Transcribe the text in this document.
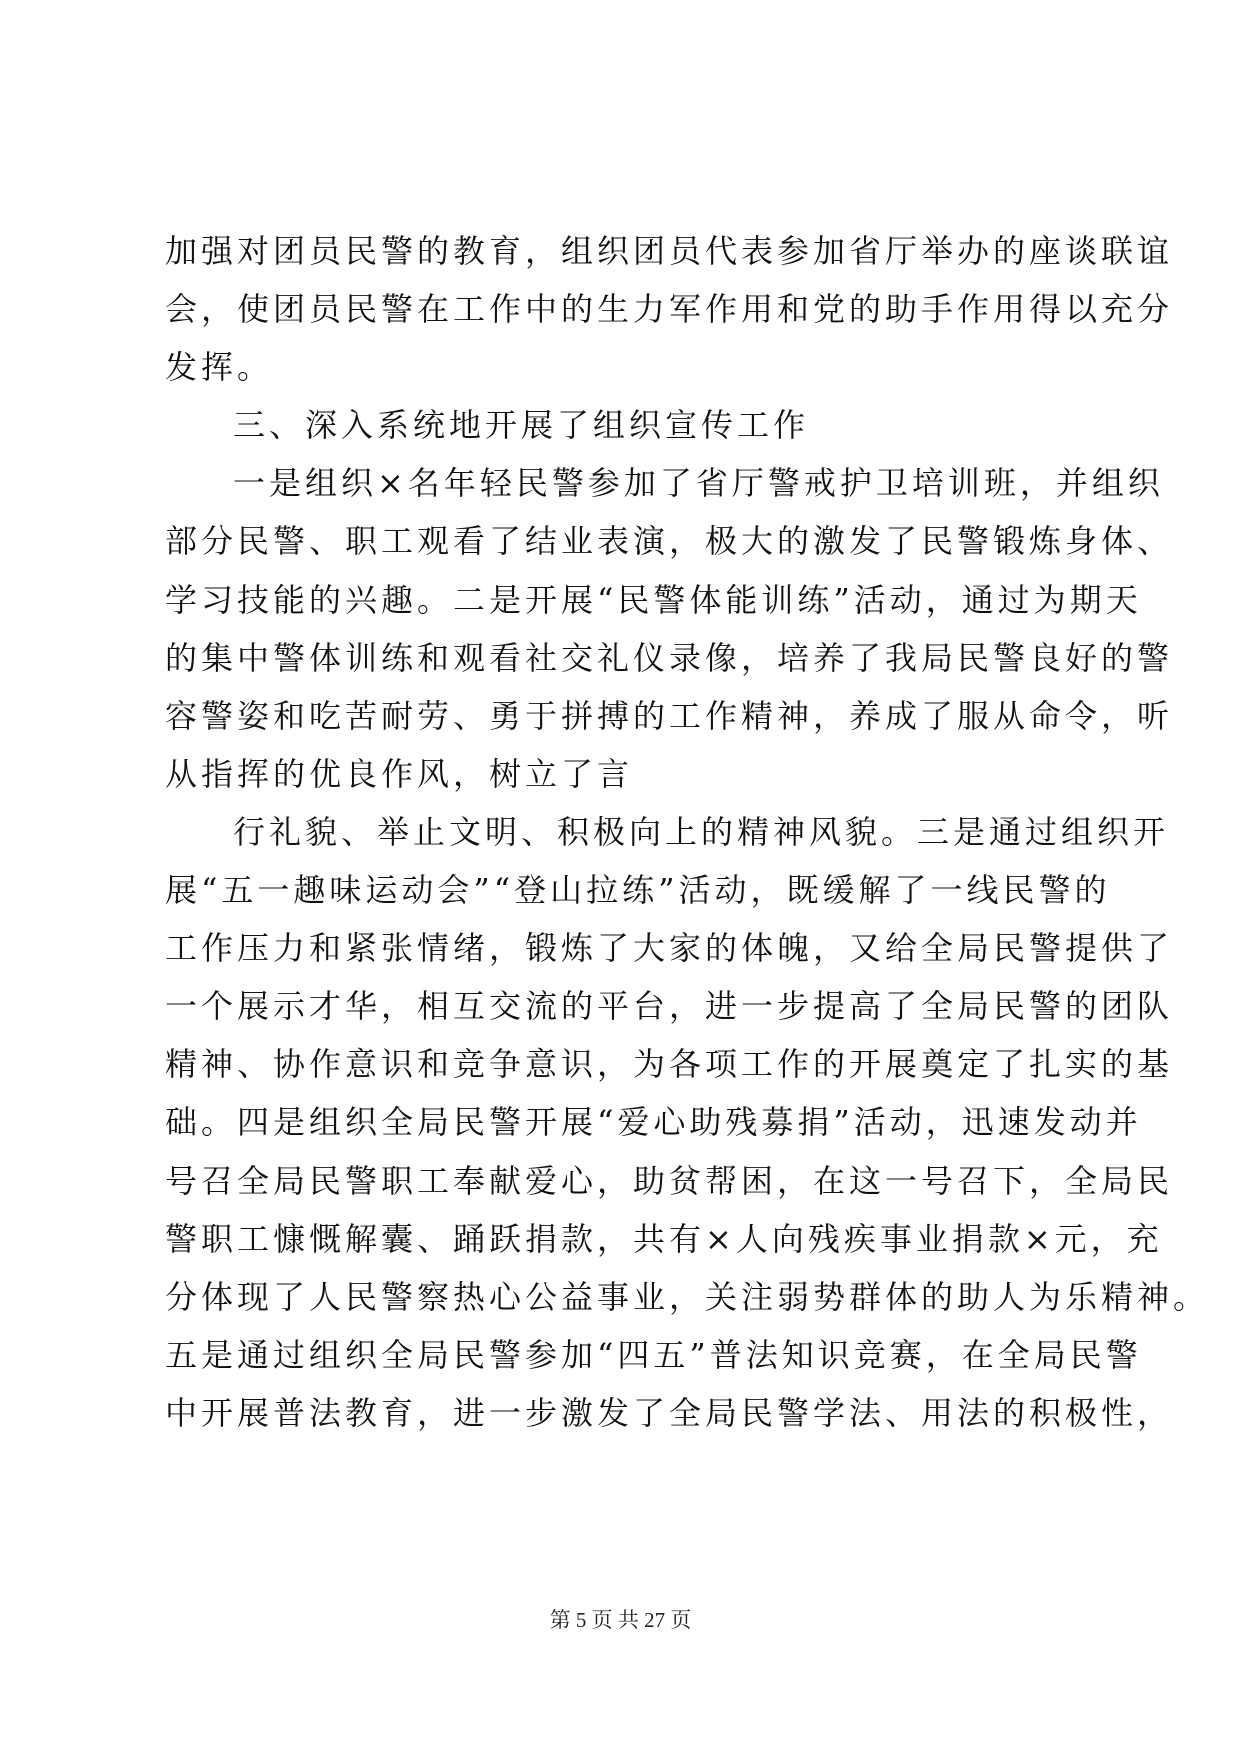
加强对团员民警的教育，组织团员代表参加省厅举办的座谈联谊
会，使团员民警在工作中的生力军作用和党的助手作用得以充分
发挥。
三、深入系统地开展了组织宣传工作
一是组织×名年轻民警参加了省厅警戒护卫培训班，并组织
部分民警、职工观看了结业表演，极大的激发了民警锻炼身体、
学习技能的兴趣。二是开展“民警体能训练”活动，通过为期天
的集中警体训练和观看社交礼仪录像，培养了我局民警良好的警
容警姿和吃苦耐劳、勇于拼搏的工作精神，养成了服从命令，听
从指挥的优良作风，树立了言
行礼貌、举止文明、积极向上的精神风貌。三是通过组织开
展“五一趣味运动会”“登山拉练”活动，既缓解了一线民警的
工作压力和紧张情绪，锻炼了大家的体魄，又给全局民警提供了
一个展示才华，相互交流的平台，进一步提高了全局民警的团队
精神、协作意识和竞争意识，为各项工作的开展奠定了扎实的基
础。四是组织全局民警开展“爱心助残募捐”活动，迅速发动并
号召全局民警职工奉献爱心，助贫帮困，在这一号召下，全局民
警职工慷慨解囊、踊跃捐款，共有×人向残疾事业捐款×元，充
分体现了人民警察热心公益事业，关注弱势群体的助人为乐精神。
五是通过组织全局民警参加“四五”普法知识竞赛，在全局民警
中开展普法教育，进一步激发了全局民警学法、用法的积极性，
第 5 页 共 27 页
